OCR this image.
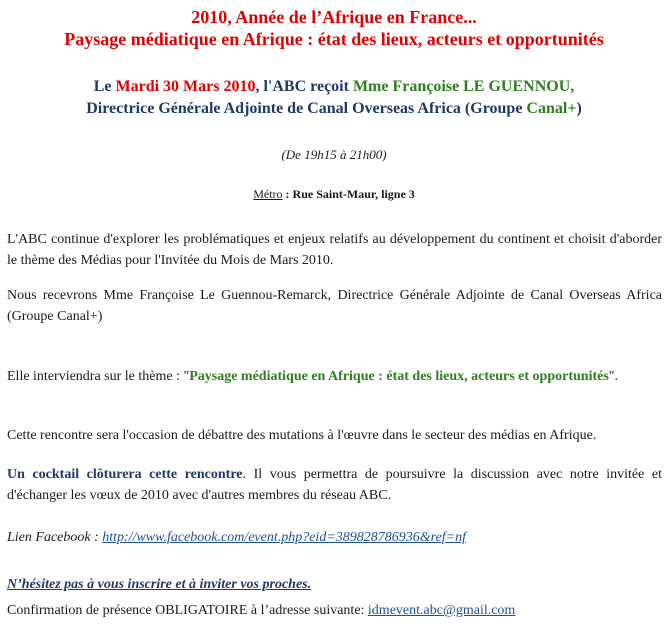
2010, Année de l’Afrique en France...
Paysage médiatique en Afrique : état des lieux, acteurs et opportunités
Le Mardi 30 Mars 2010, l'ABC reçoit Mme Françoise LE GUENNOU,
Directrice Générale Adjointe de Canal Overseas Africa (Groupe Canal+)
(De 19h15 à 21h00)
Métro : Rue Saint-Maur, ligne 3
L'ABC continue d'explorer les problématiques et enjeux relatifs au développement du continent et choisit d'aborder le thème des Médias pour l'Invitée du Mois de Mars 2010.
Nous recevrons Mme Françoise Le Guennou-Remarck, Directrice Générale Adjointe de Canal Overseas Africa (Groupe Canal+)
Elle interviendra sur le thème : "Paysage médiatique en Afrique : état des lieux, acteurs et opportunités".
Cette rencontre sera l'occasion de débattre des mutations à l'œuvre dans le secteur des médias en Afrique.
Un cocktail clôturera cette rencontre. Il vous permettra de poursuivre la discussion avec notre invitée et d'échanger les vœux de 2010 avec d'autres membres du réseau ABC.
Lien Facebook : http://www.facebook.com/event.php?eid=389828786936&ref=nf
N’hésitez pas à vous inscrire et à inviter vos proches.
Confirmation de présence OBLIGATOIRE à l’adresse suivante: idmevent.abc@gmail.com
